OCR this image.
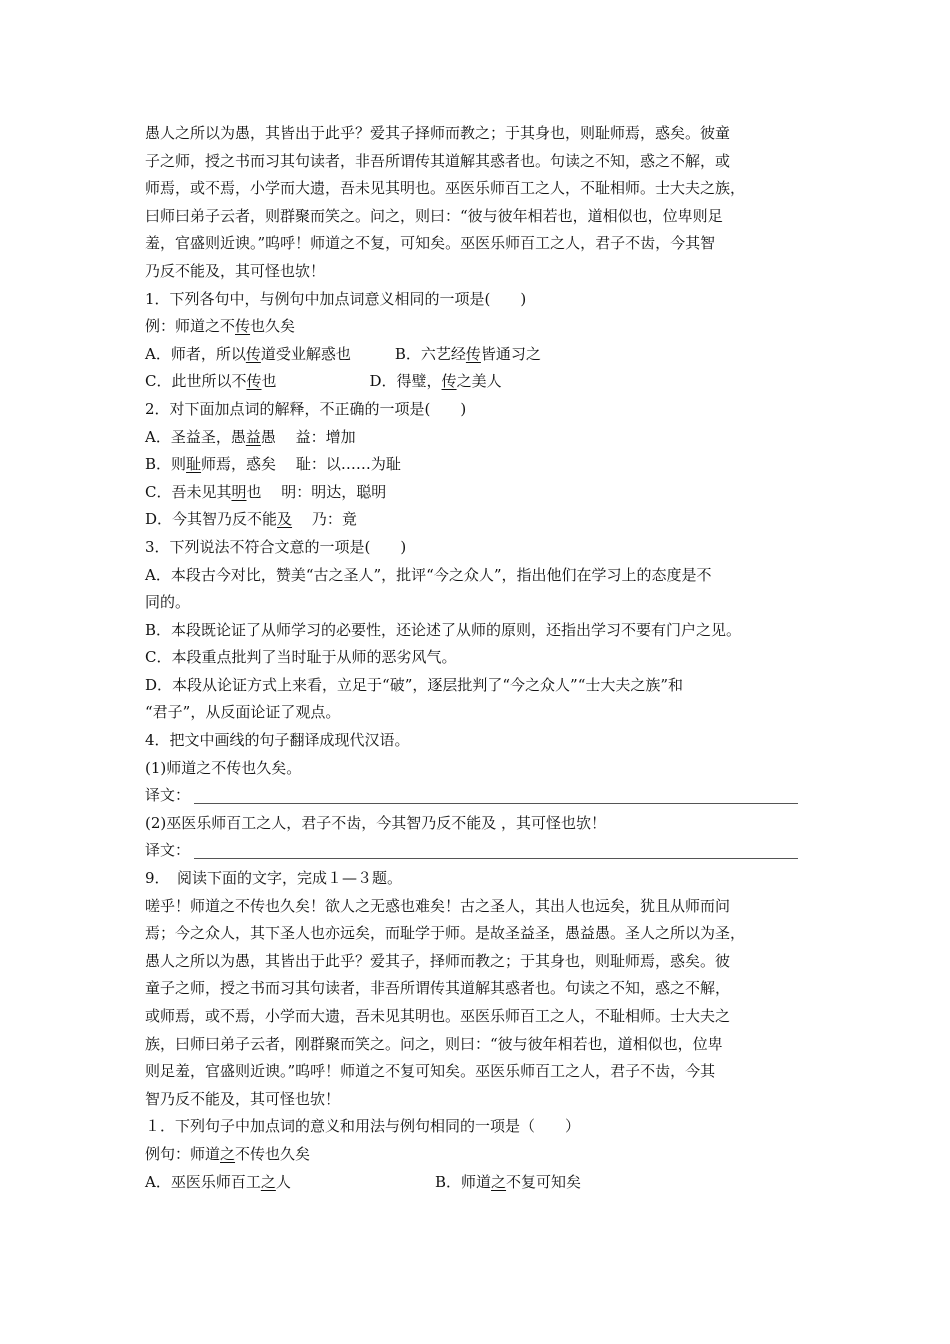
愚人之所以为愚，其皆出于此乎？爱其子择师而教之；于其身也，则耻师焉，惑矣。彼童
子之师，授之书而习其句读者，非吾所谓传其道解其惑者也。句读之不知，惑之不解，或
师焉，或不焉，小学而大遗，吾未见其明也。巫医乐师百工之人，不耻相师。士大夫之族，
曰师曰弟子云者，则群聚而笑之。问之，则曰：“彼与彼年相若也，道相似也，位卑则足
羞，官盛则近谀。”呜呼！师道之不复，可知矣。巫医乐师百工之人，君子不齿，今其智
乃反不能及，其可怪也欤！
1．下列各句中，与例句中加点词意义相同的一项是(　　)
例：师道之不传也久矣
A．师者，所以传道受业解惑也	B．六艺经传皆通习之
C．此世所以不传也	D．得璧，传之美人
2．对下面加点词的解释，不正确的一项是(　　)
A．圣益圣，愚益愚　 益：增加
B．则耻师焉，惑矣　 耻：以……为耻
C．吾未见其明也　 明：明达，聪明
D．今其智乃反不能及　 乃：竟
3．下列说法不符合文意的一项是(　　)
A．本段古今对比，赞美“古之圣人”，批评“今之众人”，指出他们在学习上的态度是不
同的。
B．本段既论证了从师学习的必要性，还论述了从师的原则，还指出学习不要有门户之见。
C．本段重点批判了当时耻于从师的恶劣风气。
D．本段从论证方式上来看，立足于“破”，逐层批判了“今之众人”“士大夫之族”和
“君子”，从反面论证了观点。
4．把文中画线的句子翻译成现代汉语。
(1)师道之不传也久矣。
译文：
(2)巫医乐师百工之人，君子不齿，今其智乃反不能及 ，其可怪也欤！
译文：
9．　阅读下面的文字，完成１—３题。
嗟乎！师道之不传也久矣！欲人之无惑也难矣！古之圣人，其出人也远矣，犹且从师而问
焉；今之众人，其下圣人也亦远矣，而耻学于师。是故圣益圣，愚益愚。圣人之所以为圣，
愚人之所以为愚，其皆出于此乎？爱其子，择师而教之；于其身也，则耻师焉，惑矣。彼
童子之师，授之书而习其句读者，非吾所谓传其道解其惑者也。句读之不知，惑之不解，
或师焉，或不焉，小学而大遗，吾未见其明也。巫医乐师百工之人，不耻相师。士大夫之
族，曰师曰弟子云者，刚群聚而笑之。问之，则曰：“彼与彼年相若也，道相似也，位卑
则足羞，官盛则近谀。”呜呼！师道之不复可知矣。巫医乐师百工之人，君子不齿，今其
智乃反不能及，其可怪也欤！
１．下列句子中加点词的意义和用法与例句相同的一项是（　　）
例句：师道之不传也久矣
A．巫医乐师百工之人	B．师道之不复可知矣
